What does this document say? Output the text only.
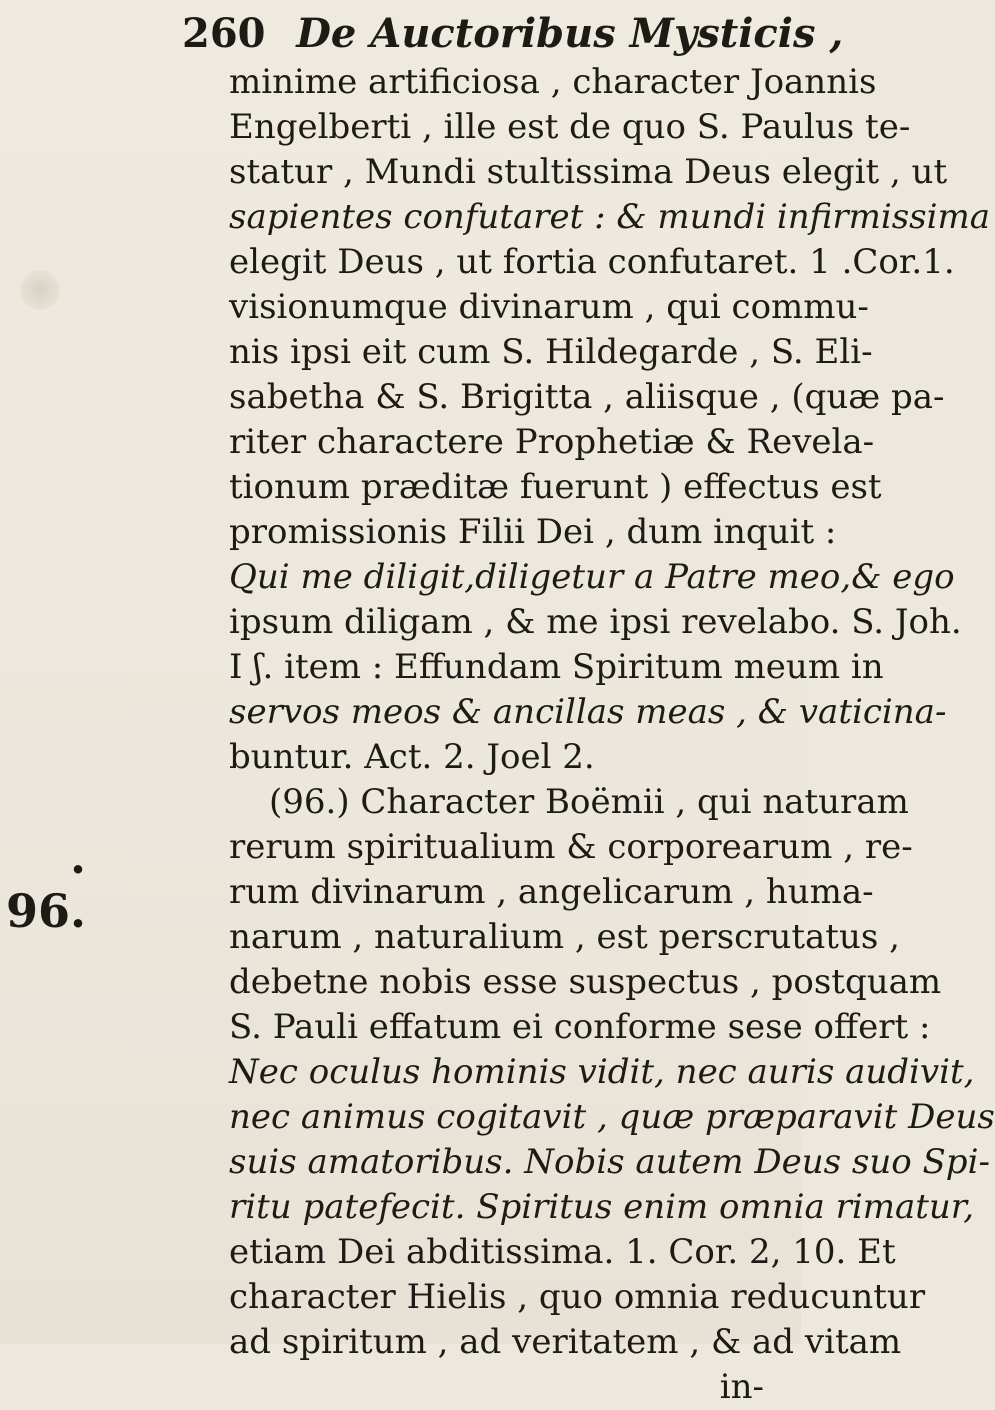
260 De Auctoribus Mysticis ,
. 96.
minime artificiosa , character Joannis
Engelberti , ille est de quo S. Paulus te-
statur , Mundi stultissima Deus elegit , ut
sapientes confutaret : & mundi infirmissima
elegit Deus , ut fortia confutaret. 1 .Cor.1.
visionumque divinarum , qui commu-
nis ipsi eit cum S. Hildegarde , S. Eli-
sabetha & S. Brigitta , aliisque , (quæ pa-
riter charactere Prophetiæ & Revela-
tionum præditæ fuerunt ) effectus est
promissionis Filii Dei , dum inquit :
Qui me diligit,diligetur a Patre meo,& ego
ipsum diligam , & me ipsi revelabo. S. Joh.
I ʃ. item : Effundam Spiritum meum in
servos meos & ancillas meas , & vaticina-
buntur. Act. 2. Joel 2.
(96.) Character Boëmii , qui naturam
rerum spiritualium & corporearum , re-
rum divinarum , angelicarum , huma-
narum , naturalium , est perscrutatus ,
debetne nobis esse suspectus , postquam
S. Pauli effatum ei conforme sese offert :
Nec oculus hominis vidit, nec auris audivit,
nec animus cogitavit , quæ præparavit Deus
suis amatoribus. Nobis autem Deus suo Spi-
ritu patefecit. Spiritus enim omnia rimatur,
etiam Dei abditissima. 1. Cor. 2, 10. Et
character Hielis , quo omnia reducuntur
ad spiritum , ad veritatem , & ad vitam
in-
